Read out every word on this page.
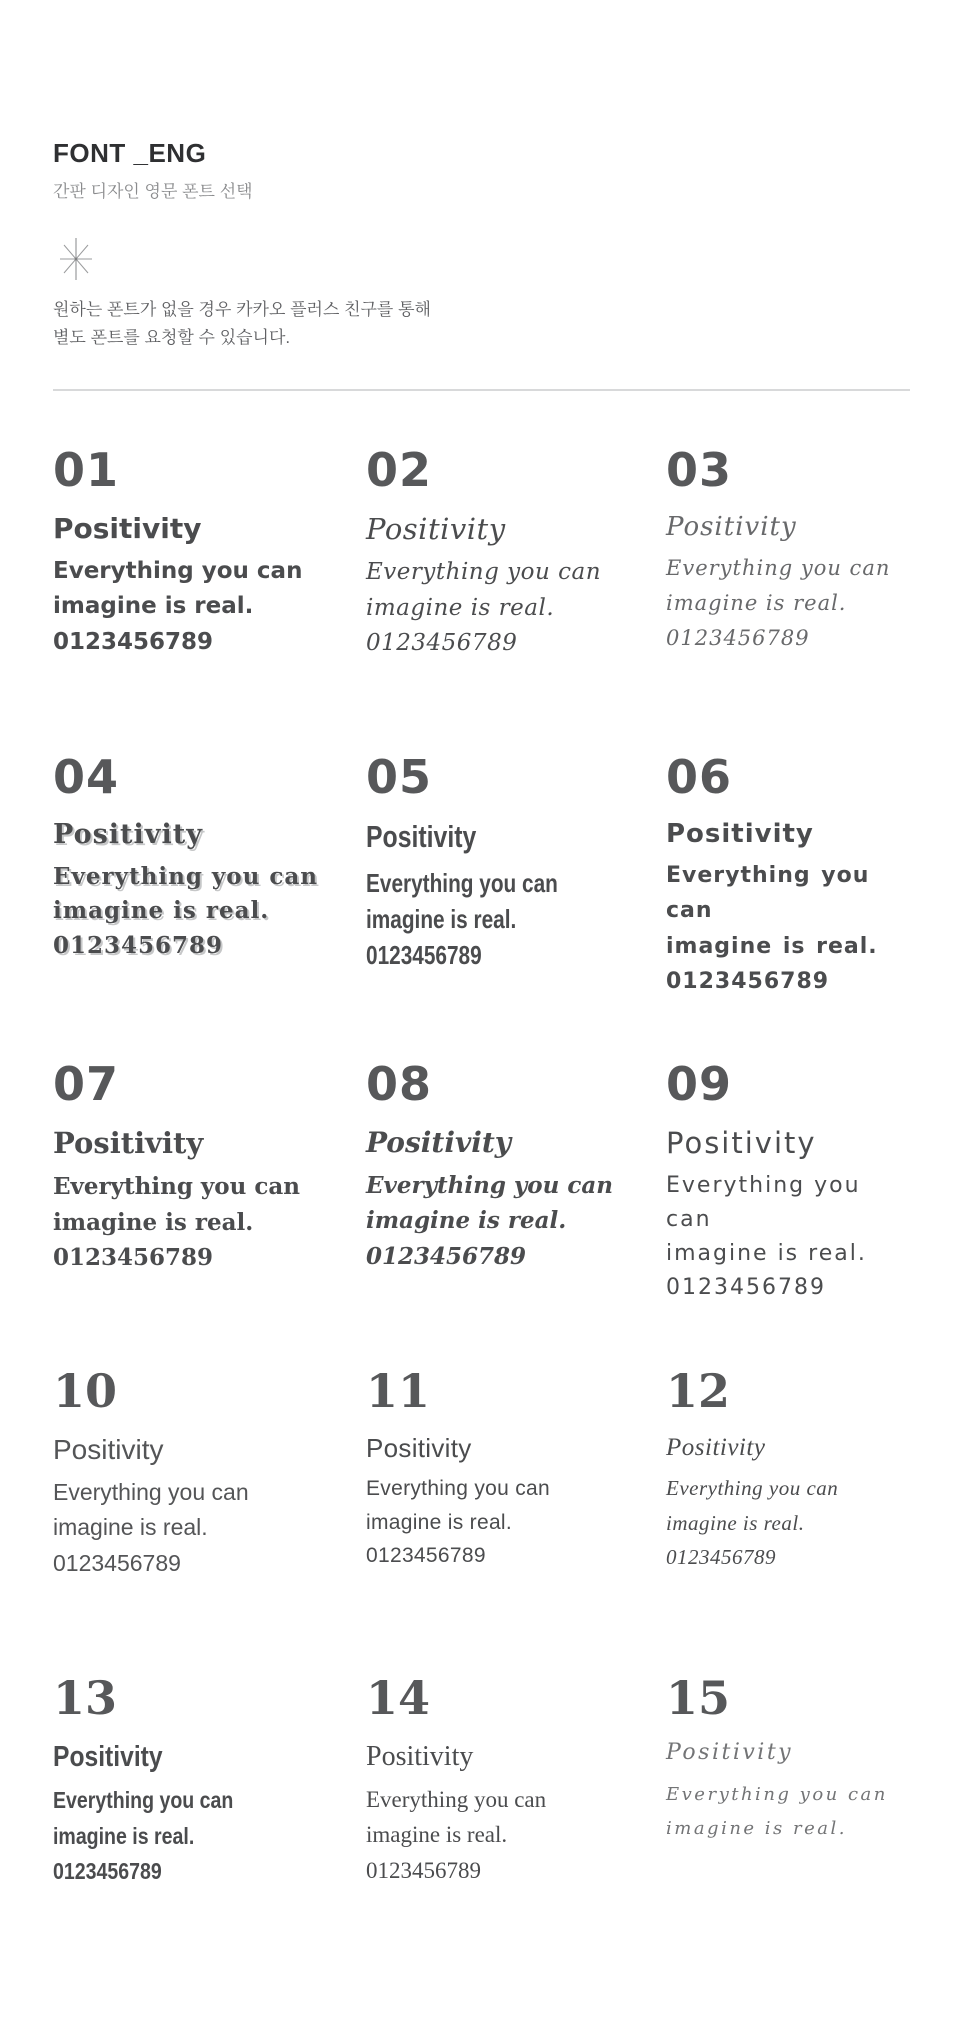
FONT _ENG
간판 디자인 영문 폰트 선택

원하는 폰트가 없을 경우 카카오 플러스 친구를 통해

별도 폰트를 요청할 수 있습니다.

01
Positivity
Everything you can
imagine is real.
0123456789
02
Positivity
Everything you can
imagine is real.
0123456789
03
Positivity
Everything you can
imagine is real.
0123456789
04
Positivity
Everything you can
imagine is real.
0123456789
05
Positivity
Everything you can
imagine is real.
0123456789
06
Positivity
Everything you can
imagine is real.
0123456789
07
Positivity
Everything you can
imagine is real.
0123456789
08
Positivity
Everything you can
imagine is real.
0123456789
09
Positivity
Everything you can
imagine is real.
0123456789
10
Positivity
Everything you can
imagine is real.
0123456789
11
Positivity
Everything you can
imagine is real.
0123456789
12
Positivity
Everything you can
imagine is real.
0123456789
13
Positivity
Everything you can
imagine is real.
0123456789
14
Positivity
Everything you can
imagine is real.
0123456789
15
Positivity
Everything you can
imagine is real.
